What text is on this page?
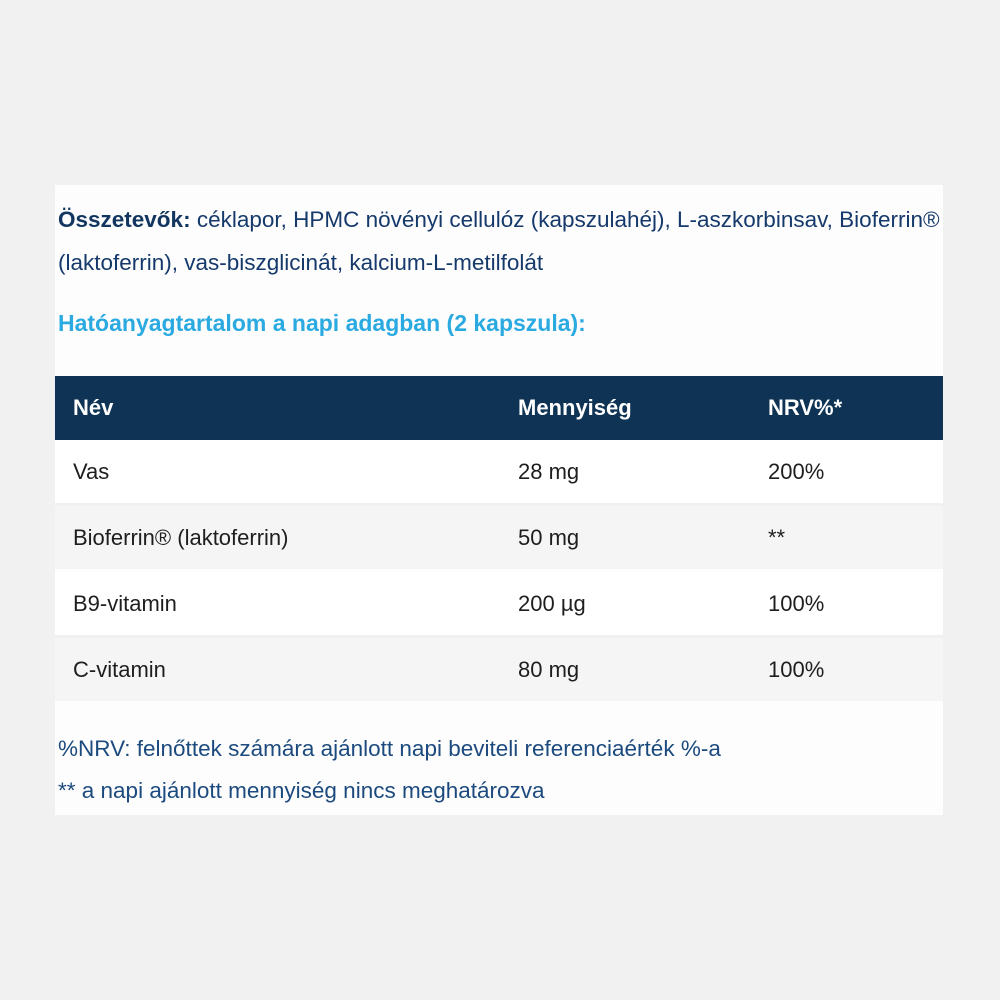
Összetevők: céklapor, HPMC növényi cellulóz (kapszulahéj), L-aszkorbinsav, Bioferrin® (laktoferrin), vas-biszglicinát, kalcium-L-metilfolát

Hatóanyagtartalom a napi adagban (2 kapszula):
Név	Mennyiség	NRV%*
Vas	28 mg	200%
Bioferrin® (laktoferrin)	50 mg	**
B9-vitamin	200 µg	100%
C-vitamin	80 mg	100%
%NRV: felnőttek számára ajánlott napi beviteli referenciaérték %-a
** a napi ajánlott mennyiség nincs meghatározva
